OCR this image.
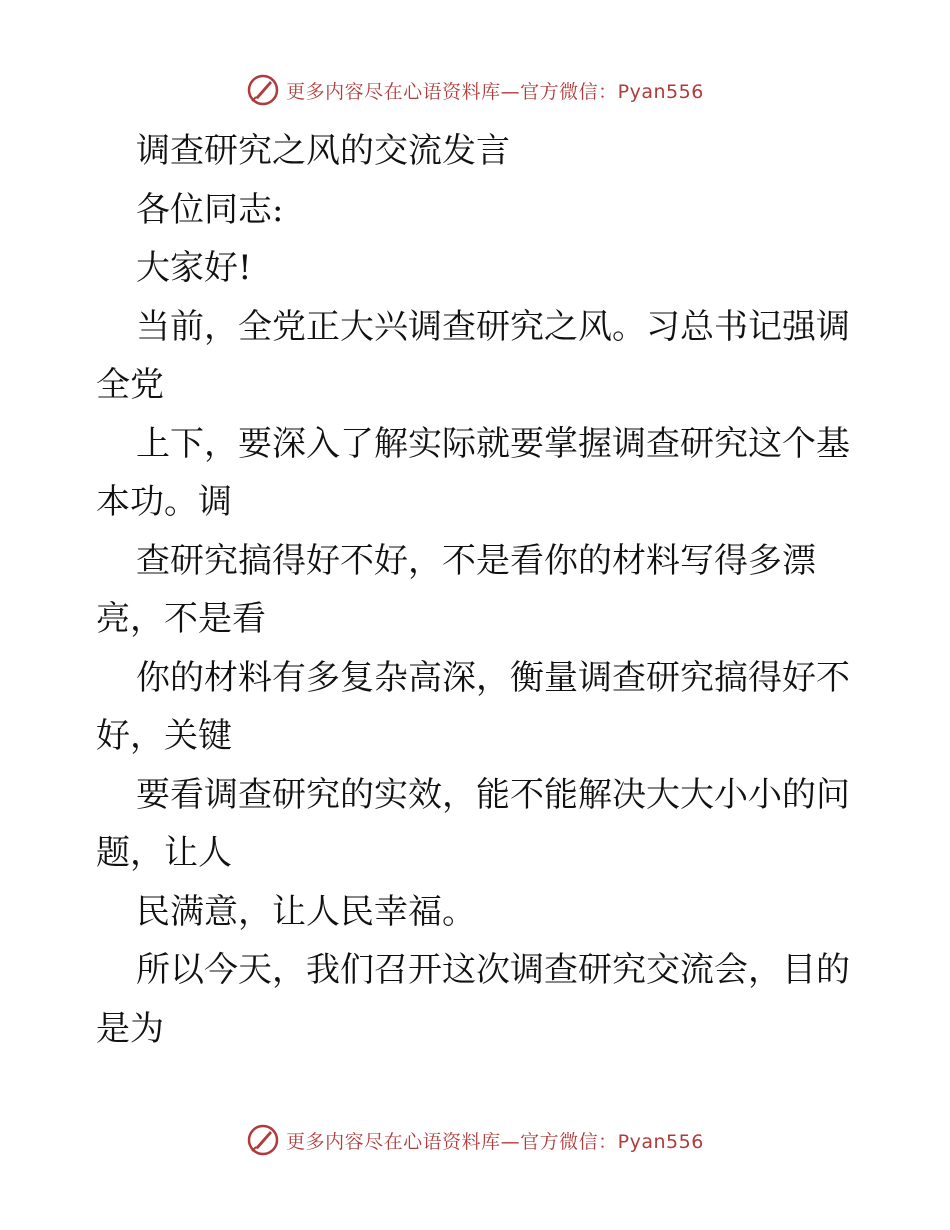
更多内容尽在心语资料库—官方微信：Pyan556
调查研究之风的交流发言
各位同志:
大家好!
当前，全党正大兴调查研究之风。习总书记强调
全党
上下，要深入了解实际就要掌握调查研究这个基
本功。调
查研究搞得好不好，不是看你的材料写得多漂
亮，不是看
你的材料有多复杂高深，衡量调查研究搞得好不
好，关键
要看调查研究的实效，能不能解决大大小小的问
题，让人
民满意，让人民幸福。
所以今天，我们召开这次调查研究交流会，目的
是为
更多内容尽在心语资料库—官方微信：Pyan556
